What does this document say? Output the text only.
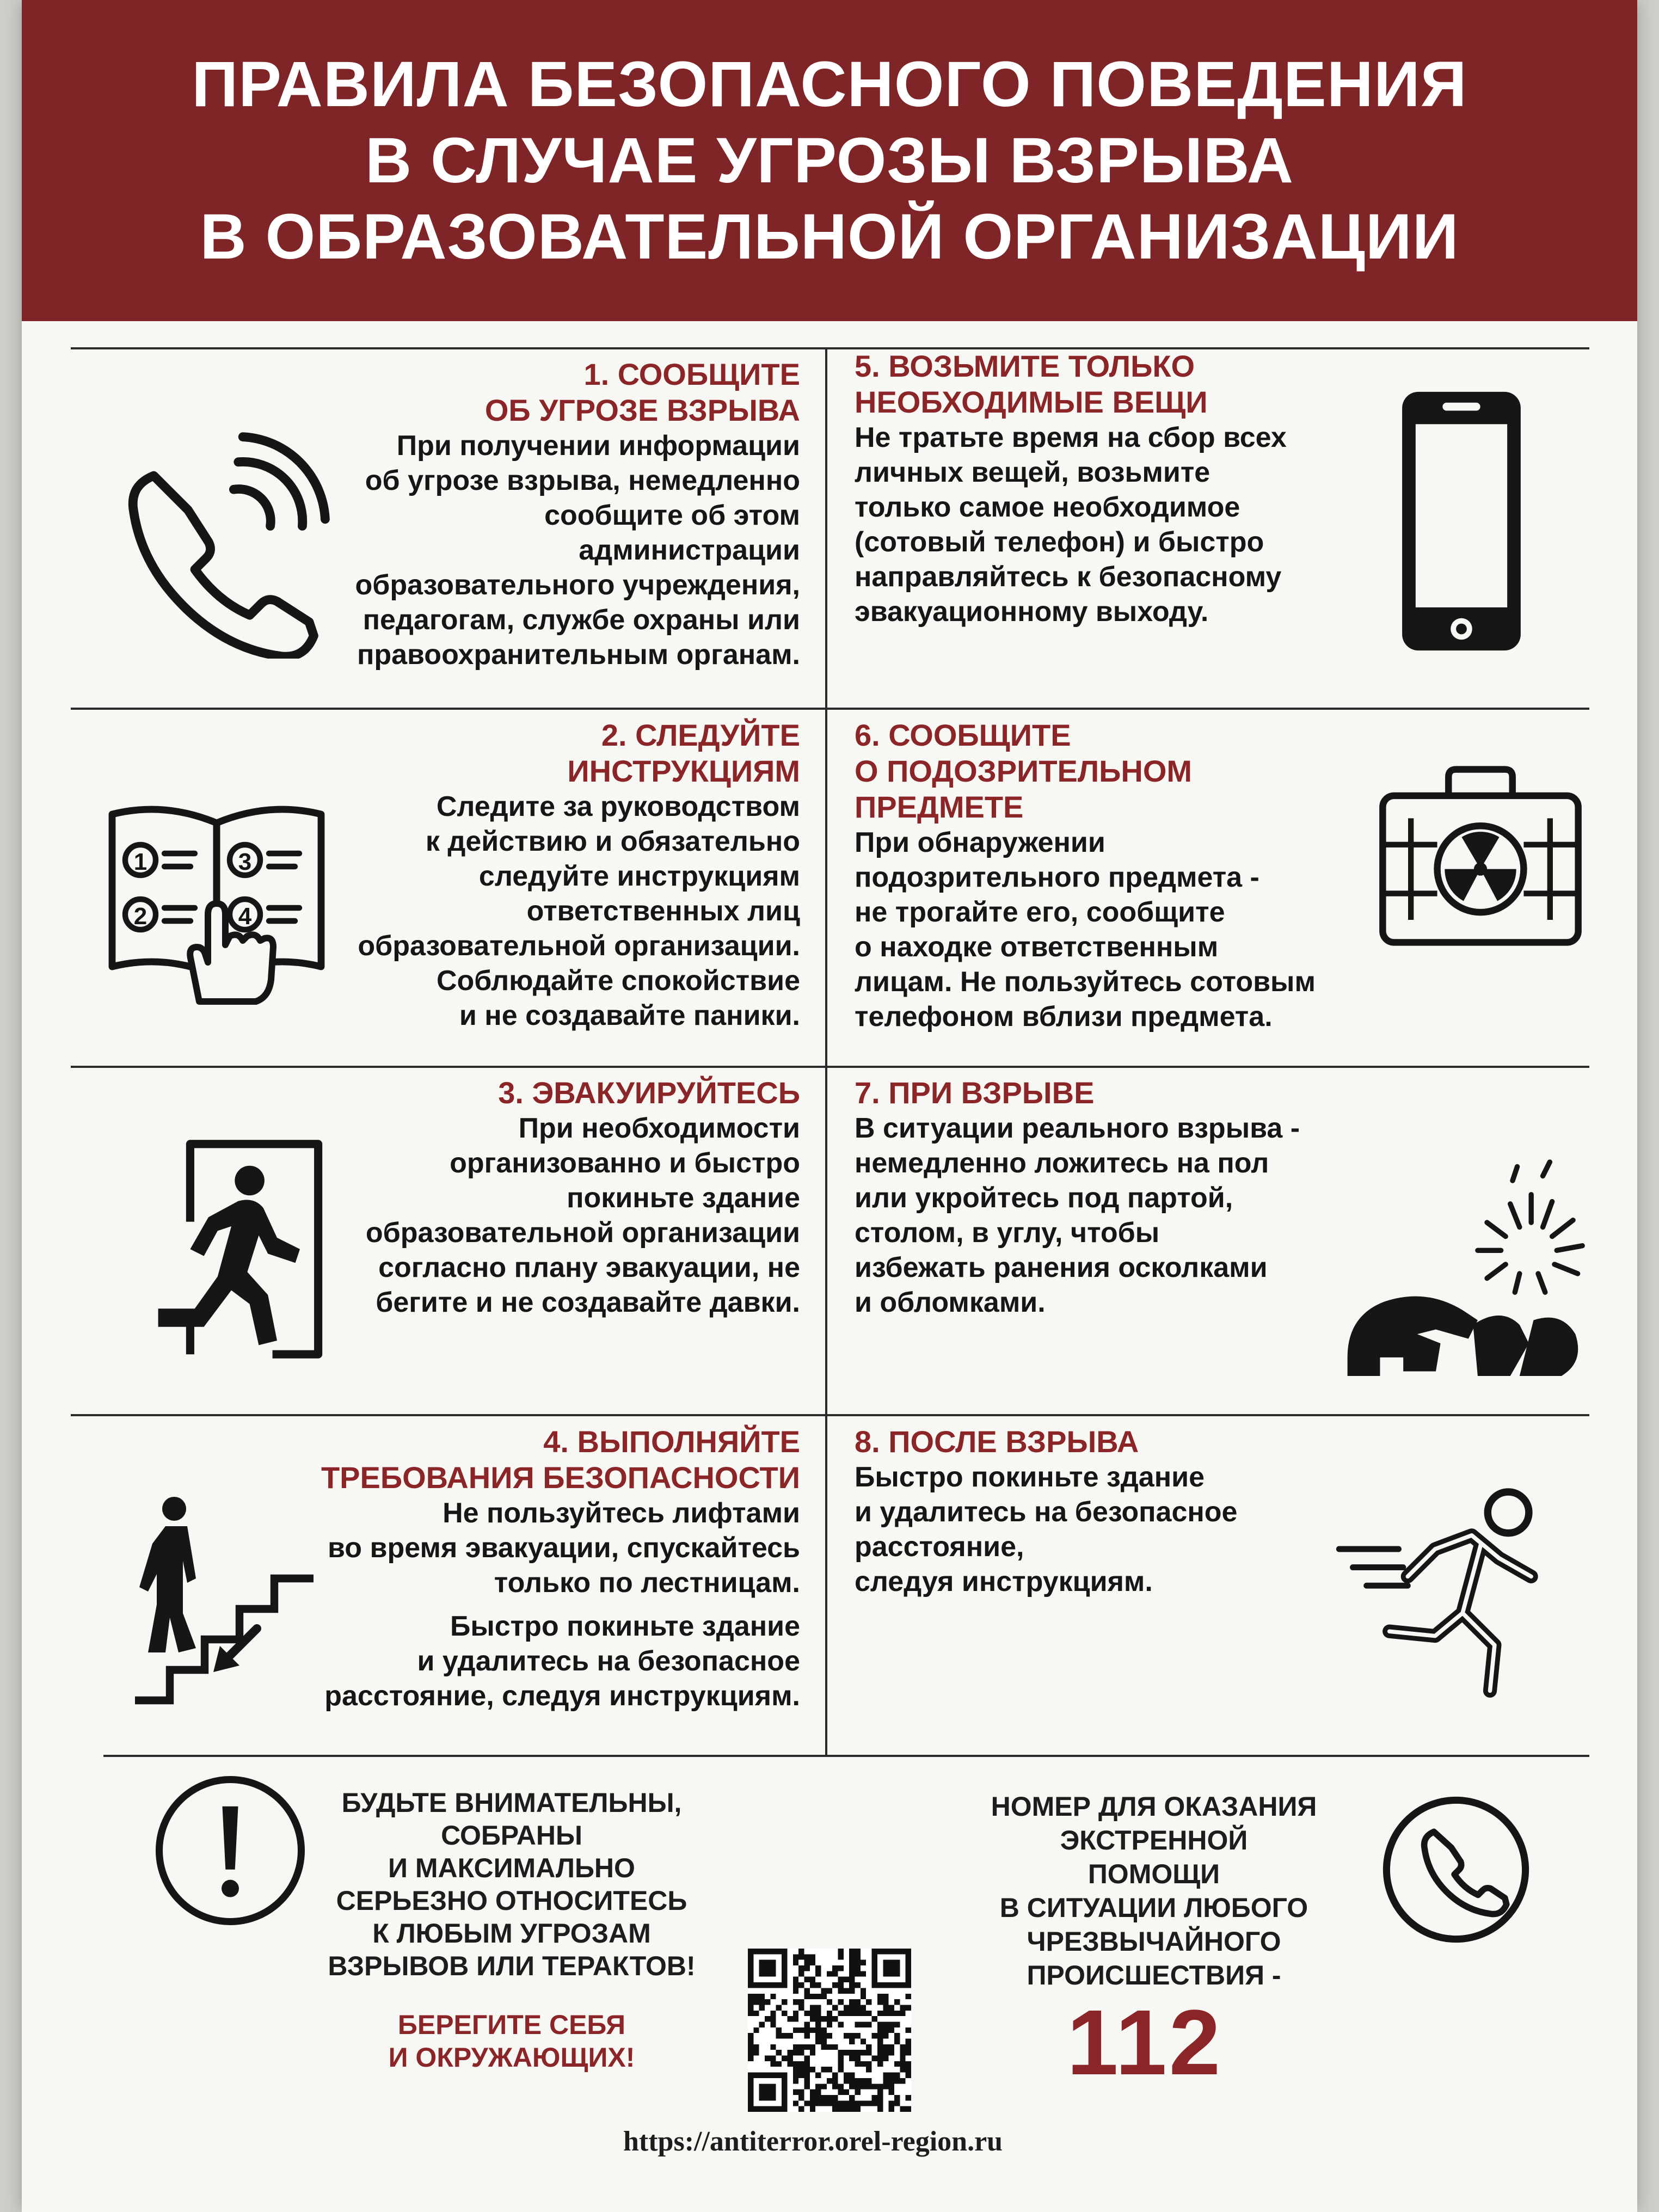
ПРАВИЛА БЕЗОПАСНОГО ПОВЕДЕНИЯ
В СЛУЧАЕ УГРОЗЫ ВЗРЫВА
В ОБРАЗОВАТЕЛЬНОЙ ОРГАНИЗАЦИИ
1. СООБЩИТЕ
ОБ УГРОЗЕ ВЗРЫВА
При получении информации
об угрозе взрыва, немедленно
сообщите об этом
администрации
образовательного учреждения,
педагогам, службе охраны или
правоохранительным органам.
1
2
3
4
2. СЛЕДУЙТЕ
ИНСТРУКЦИЯМ
Следите за руководством
к действию и обязательно
следуйте инструкциям
ответственных лиц
образовательной организации.
Соблюдайте спокойствие
и не создавайте паники.
3. ЭВАКУИРУЙТЕСЬ
При необходимости
организованно и быстро
покиньте здание
образовательной организации
согласно плану эвакуации, не
бегите и не создавайте давки.
4. ВЫПОЛНЯЙТЕ
ТРЕБОВАНИЯ БЕЗОПАСНОСТИ
Не пользуйтесь лифтами
во время эвакуации, спускайтесь
только по лестницам.
Быстро покиньте здание
и удалитесь на безопасное
расстояние, следуя инструкциям.
5. ВОЗЬМИТЕ ТОЛЬКО
НЕОБХОДИМЫЕ ВЕЩИ
Не тратьте время на сбор всех
личных вещей, возьмите
только самое необходимое
(сотовый телефон) и быстро
направляйтесь к безопасному
эвакуационному выходу.
6. СООБЩИТЕ
О ПОДОЗРИТЕЛЬНОМ
ПРЕДМЕТЕ
При обнаружении
подозрительного предмета -
не трогайте его, сообщите
о находке ответственным
лицам. Не пользуйтесь сотовым
телефоном вблизи предмета.
7. ПРИ ВЗРЫВЕ
В ситуации реального взрыва -
немедленно ложитесь на пол
или укройтесь под партой,
столом, в углу, чтобы
избежать ранения осколками
и обломками.
8. ПОСЛЕ ВЗРЫВА
Быстро покиньте здание
и удалитесь на безопасное
расстояние,
следуя инструкциям.
БУДЬТЕ ВНИМАТЕЛЬНЫ,
СОБРАНЫ
И МАКСИМАЛЬНО
СЕРЬЕЗНО ОТНОСИТЕСЬ
К ЛЮБЫМ УГРОЗАМ
ВЗРЫВОВ ИЛИ ТЕРАКТОВ!
БЕРЕГИТЕ СЕБЯ
И ОКРУЖАЮЩИХ!
НОМЕР ДЛЯ ОКАЗАНИЯ
ЭКСТРЕННОЙ
ПОМОЩИ
В СИТУАЦИИ ЛЮБОГО
ЧРЕЗВЫЧАЙНОГО
ПРОИСШЕСТВИЯ -
112
https://antiterror.orel-region.ru
